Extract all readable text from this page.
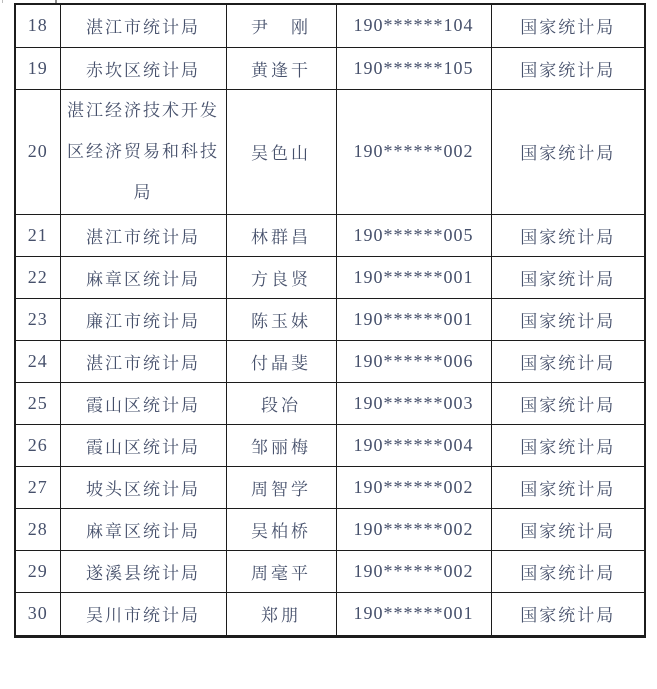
18	湛江市统计局	尹　刚	190******104	国家统计局
19	赤坎区统计局	黄逢干	190******105	国家统计局
20	湛江经济技术开发区经济贸易和科技局	吴色山	190******002	国家统计局
21	湛江市统计局	林群昌	190******005	国家统计局
22	麻章区统计局	方良贤	190******001	国家统计局
23	廉江市统计局	陈玉妹	190******001	国家统计局
24	湛江市统计局	付晶斐	190******006	国家统计局
25	霞山区统计局	段冶	190******003	国家统计局
26	霞山区统计局	邹丽梅	190******004	国家统计局
27	坡头区统计局	周智学	190******002	国家统计局
28	麻章区统计局	吴柏桥	190******002	国家统计局
29	遂溪县统计局	周毫平	190******002	国家统计局
30	吴川市统计局	郑朋	190******001	国家统计局
